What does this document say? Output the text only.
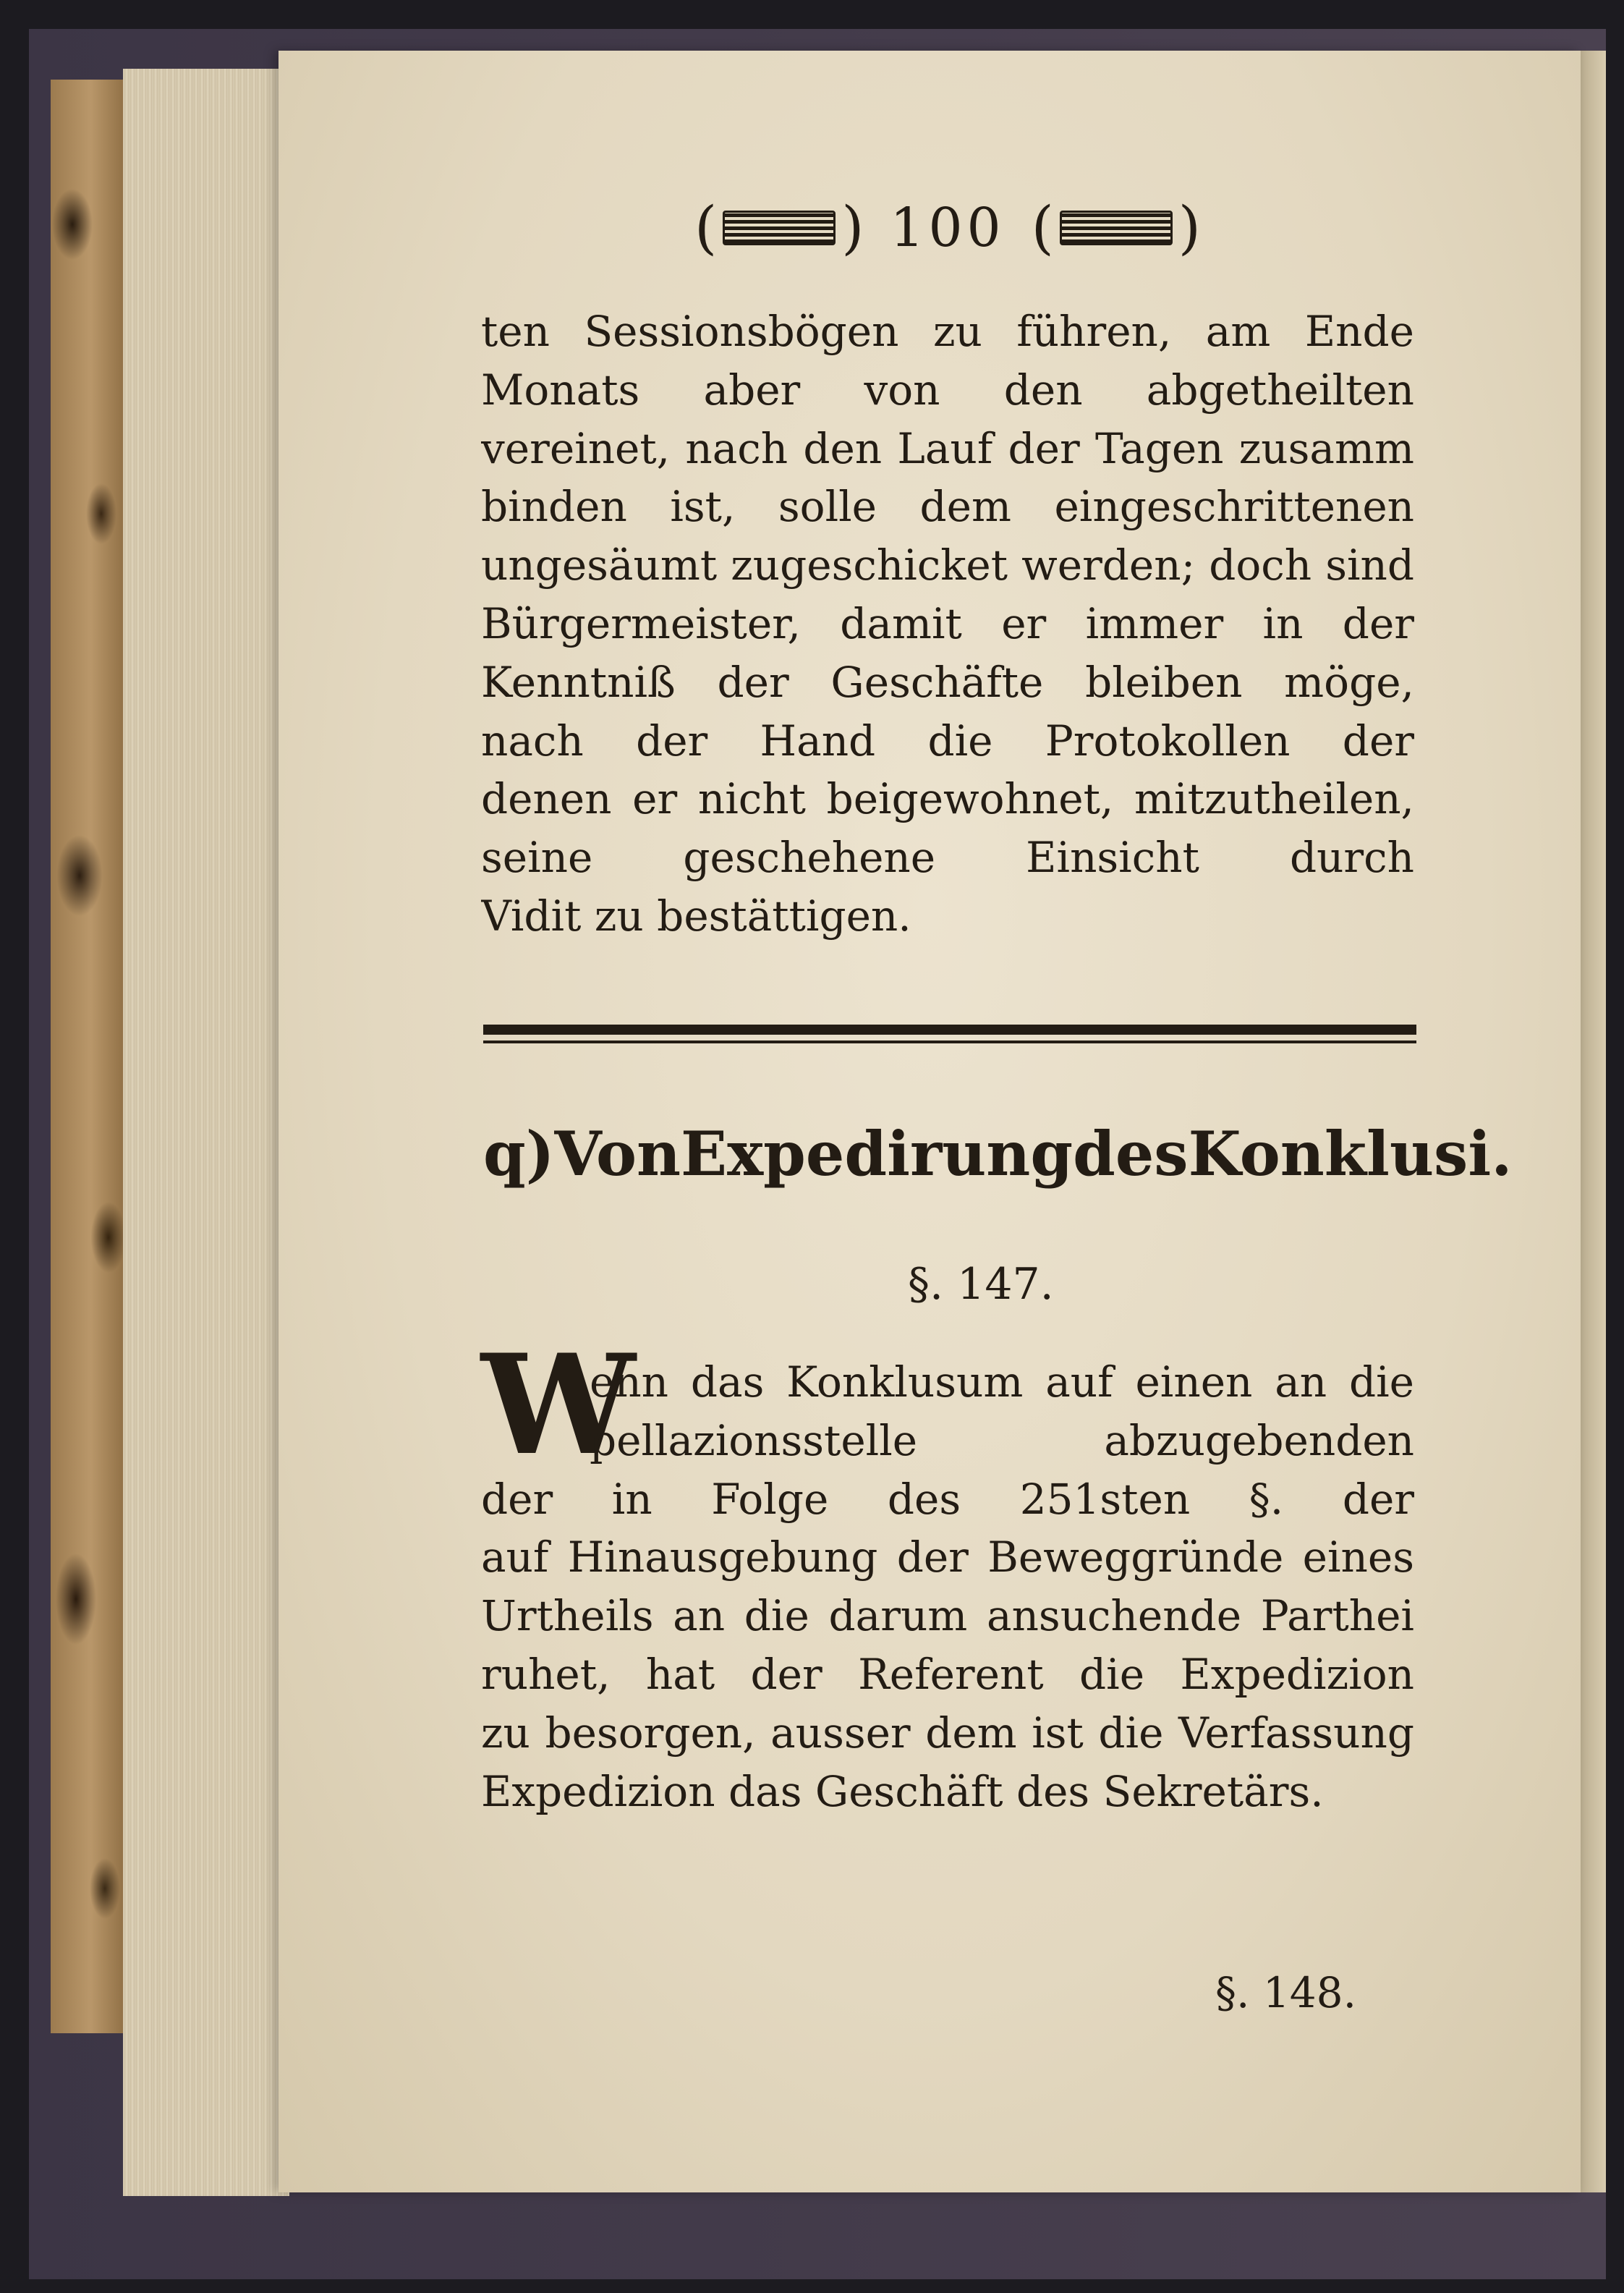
( ) 100 ( )
ten Sessionsbögen zu führen, am Ende
Monats aber von den abgetheilten
vereinet, nach den Lauf der Tagen zusamm
binden ist, solle dem eingeschrittenen
ungesäumt zugeschicket werden; doch sind
Bürgermeister, damit er immer in der
Kenntniß der Geschäfte bleiben möge,
nach der Hand die Protokollen der
denen er nicht beigewohnet, mitzutheilen,
seine geschehene Einsicht durch
Vidit zu bestättigen.
q) Von Expedirung des Konklusi.
§. 147.
W
enn das Konklusum auf einen an die
pellazionsstelle abzugebenden
der in Folge des 251sten §. der
auf Hinausgebung der Beweggründe eines
Urtheils an die darum ansuchende Parthei
ruhet, hat der Referent die Expedizion
zu besorgen, ausser dem ist die Verfassung
Expedizion das Geschäft des Sekretärs.
§. 148.
